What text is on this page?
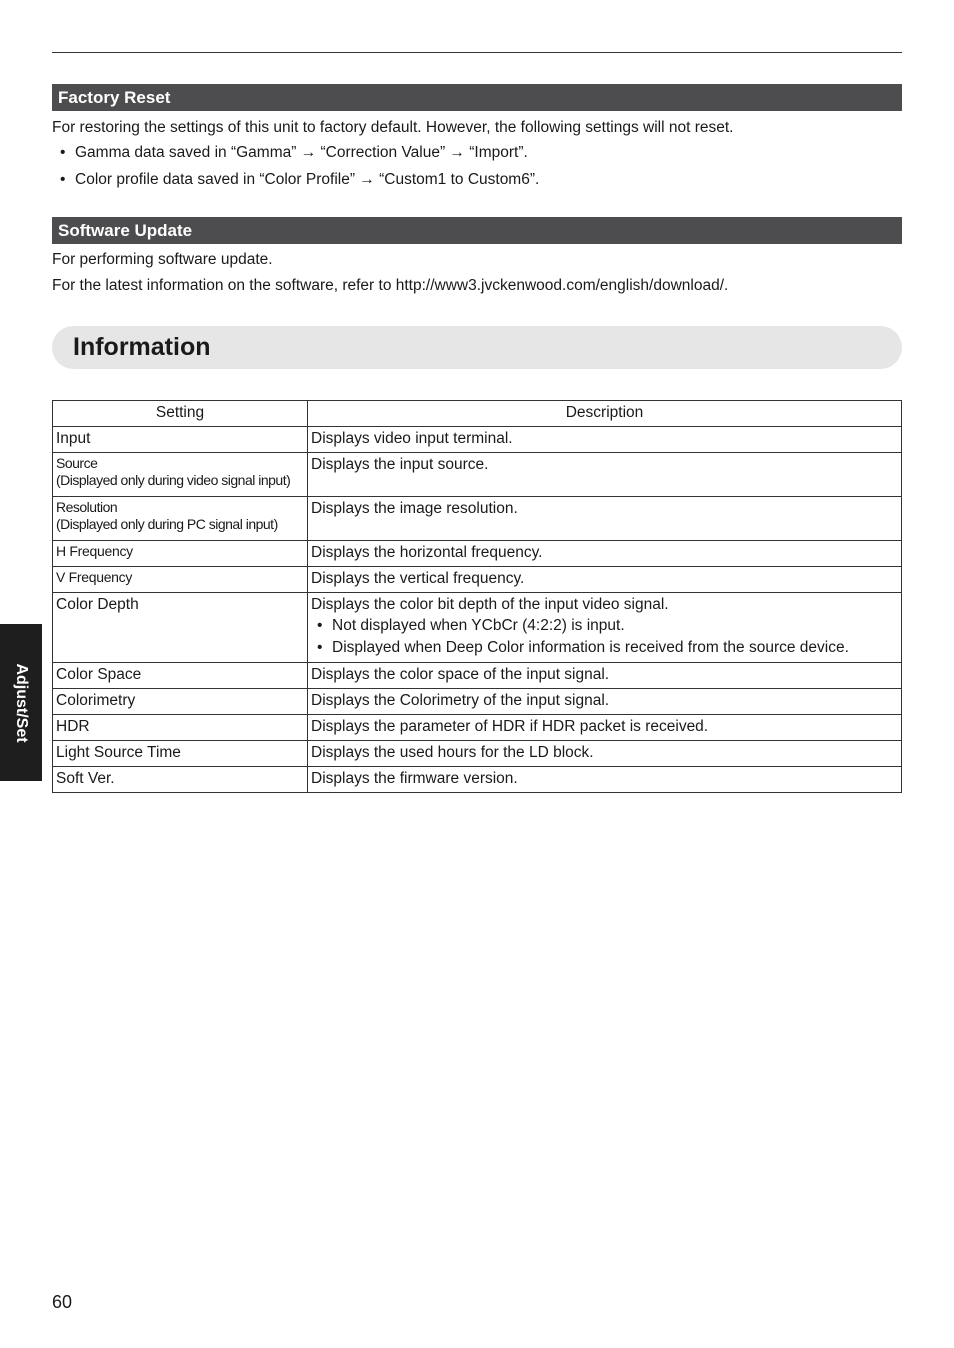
Factory Reset
For restoring the settings of this unit to factory default. However, the following settings will not reset.
• Gamma data saved in “Gamma” → “Correction Value” → “Import”.
• Color profile data saved in “Color Profile” → “Custom1 to Custom6”.
Software Update
For performing software update.
For the latest information on the software, refer to http://www3.jvckenwood.com/english/download/.
Information
Setting	Description
Input	Displays video input terminal.

Source
(Displayed only during video signal input)	Displays the input source.

Resolution
(Displayed only during PC signal input)	Displays the image resolution.
H Frequency	Displays the horizontal frequency.
V Frequency	Displays the vertical frequency.
Color Depth	Displays the color bit depth of the input video signal.
• Not displayed when YCbCr (4:2:2) is input.
• Displayed when Deep Color information is received from the source device.

Color Space	Displays the color space of the input signal.
Colorimetry	Displays the Colorimetry of the input signal.
HDR	Displays the parameter of HDR if HDR packet is received.
Light Source Time	Displays the used hours for the LD block.
Soft Ver.	Displays the firmware version.
Adjust/Set
60
